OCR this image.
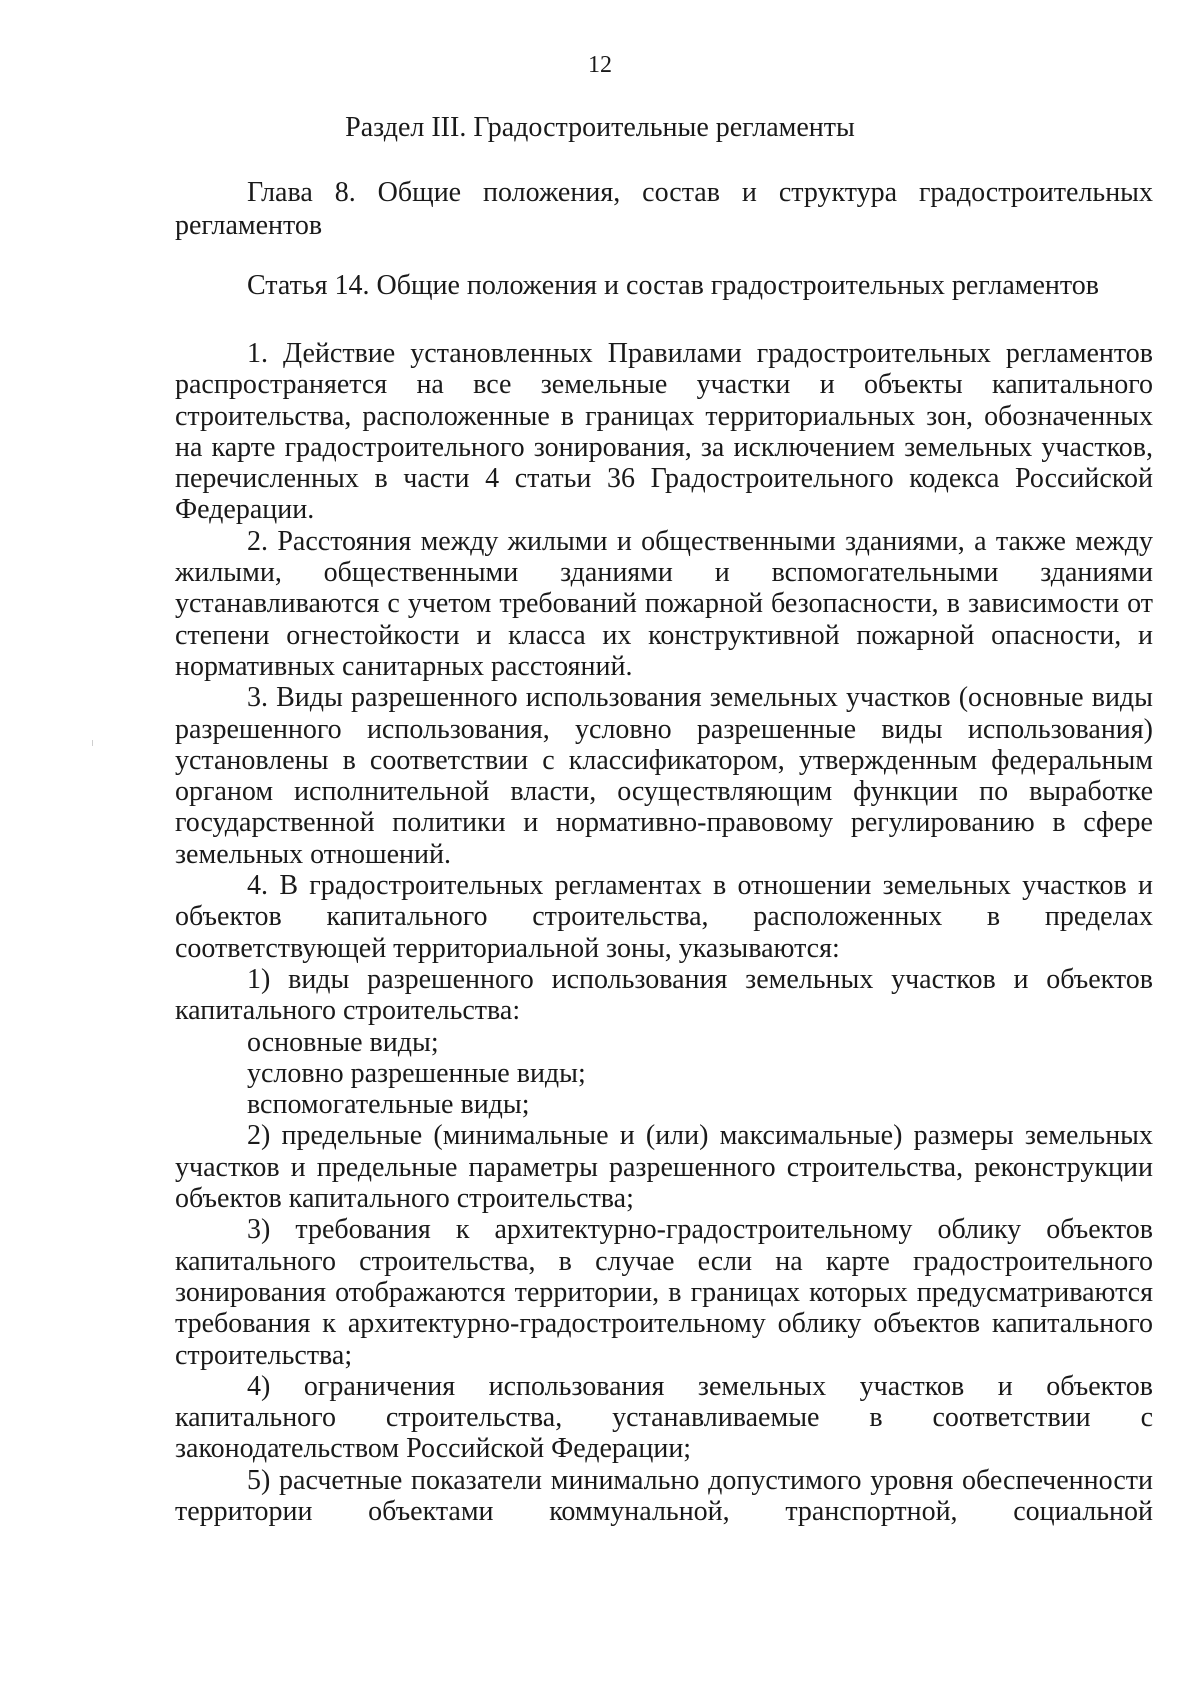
12

Раздел III. Градостроительные регламенты
Глава 8. Общие положения, состав и структура градостроительных регламентов
Статья 14. Общие положения и состав градостроительных регламентов

1. Действие установленных Правилами градостроительных регламентов распространяется на все земельные участки и объекты капитального строительства, расположенные в границах территориальных зон, обозначенных на карте градостроительного зонирования, за исключением земельных участков, перечисленных в части 4 статьи 36 Градостроительного кодекса Российской Федерации.

2. Расстояния между жилыми и общественными зданиями, а также между жилыми, общественными зданиями и вспомогательными зданиями устанавливаются с учетом требований пожарной безопасности, в зависимости от степени огнестойкости и класса их конструктивной пожарной опасности, и нормативных санитарных расстояний.

3. Виды разрешенного использования земельных участков (основные виды разрешенного использования, условно разрешенные виды использования) установлены в соответствии с классификатором, утвержденным федеральным органом исполнительной власти, осуществляющим функции по выработке государственной политики и нормативно-правовому регулированию в сфере земельных отношений.

4. В градостроительных регламентах в отношении земельных участков и объектов капитального строительства, расположенных в пределах соответствующей территориальной зоны, указываются:

1) виды разрешенного использования земельных участков и объектов капитального строительства:

основные виды;

условно разрешенные виды;

вспомогательные виды;

2) предельные (минимальные и (или) максимальные) размеры земельных участков и предельные параметры разрешенного строительства, реконструкции объектов капитального строительства;

3) требования к архитектурно-градостроительному облику объектов капитального строительства, в случае если на карте градостроительного зонирования отображаются территории, в границах которых предусматриваются требования к архитектурно-градостроительному облику объектов капитального строительства;

4) ограничения использования земельных участков и объектов капитального строительства, устанавливаемые в соответствии с законодательством Российской Федерации;

5) расчетные показатели минимально допустимого уровня обеспеченности территории объектами коммунальной, транспортной, социальной
